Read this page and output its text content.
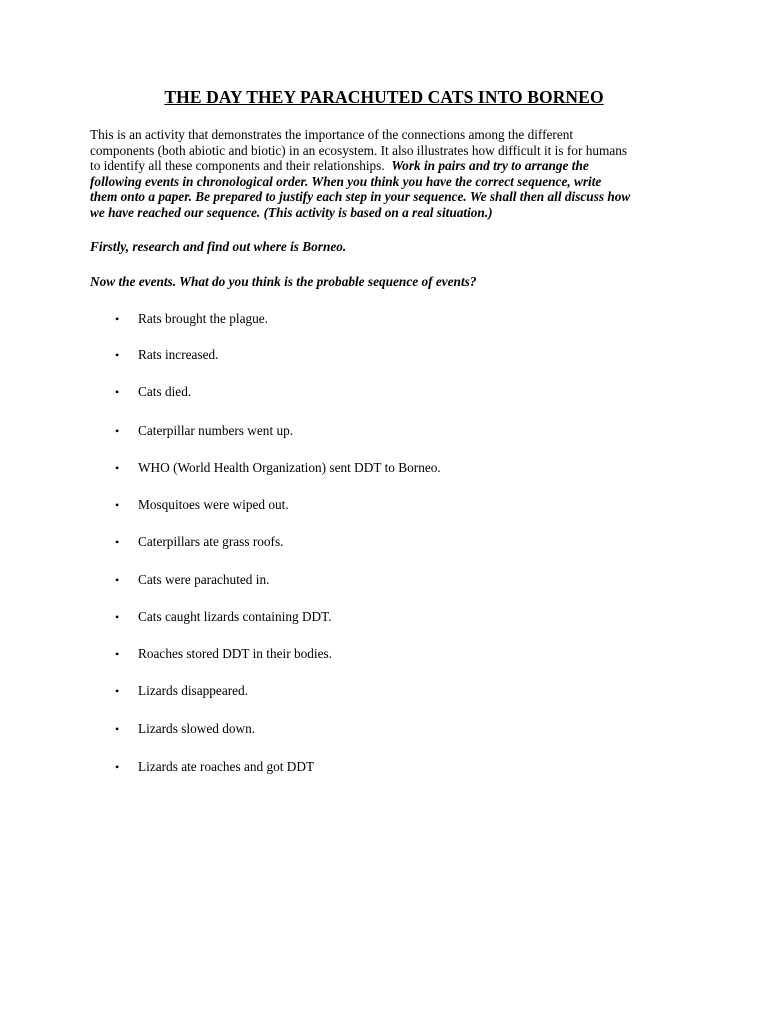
THE DAY THEY PARACHUTED CATS INTO BORNEO
This is an activity that demonstrates the importance of the connections among the different
components (both abiotic and biotic) in an ecosystem. It also illustrates how difficult it is for humans
to identify all these components and their relationships.  Work in pairs and try to arrange the
following events in chronological order. When you think you have the correct sequence, write
them onto a paper. Be prepared to justify each step in your sequence. We shall then all discuss how
we have reached our sequence. (This activity is based on a real situation.)
Firstly, research and find out where is Borneo.
Now the events. What do you think is the probable sequence of events?
• Rats brought the plague.
• Rats increased.
• Cats died.
• Caterpillar numbers went up.
• WHO (World Health Organization) sent DDT to Borneo.
• Mosquitoes were wiped out.
• Caterpillars ate grass roofs.
• Cats were parachuted in.
• Cats caught lizards containing DDT.
• Roaches stored DDT in their bodies.
• Lizards disappeared.
• Lizards slowed down.
• Lizards ate roaches and got DDT
